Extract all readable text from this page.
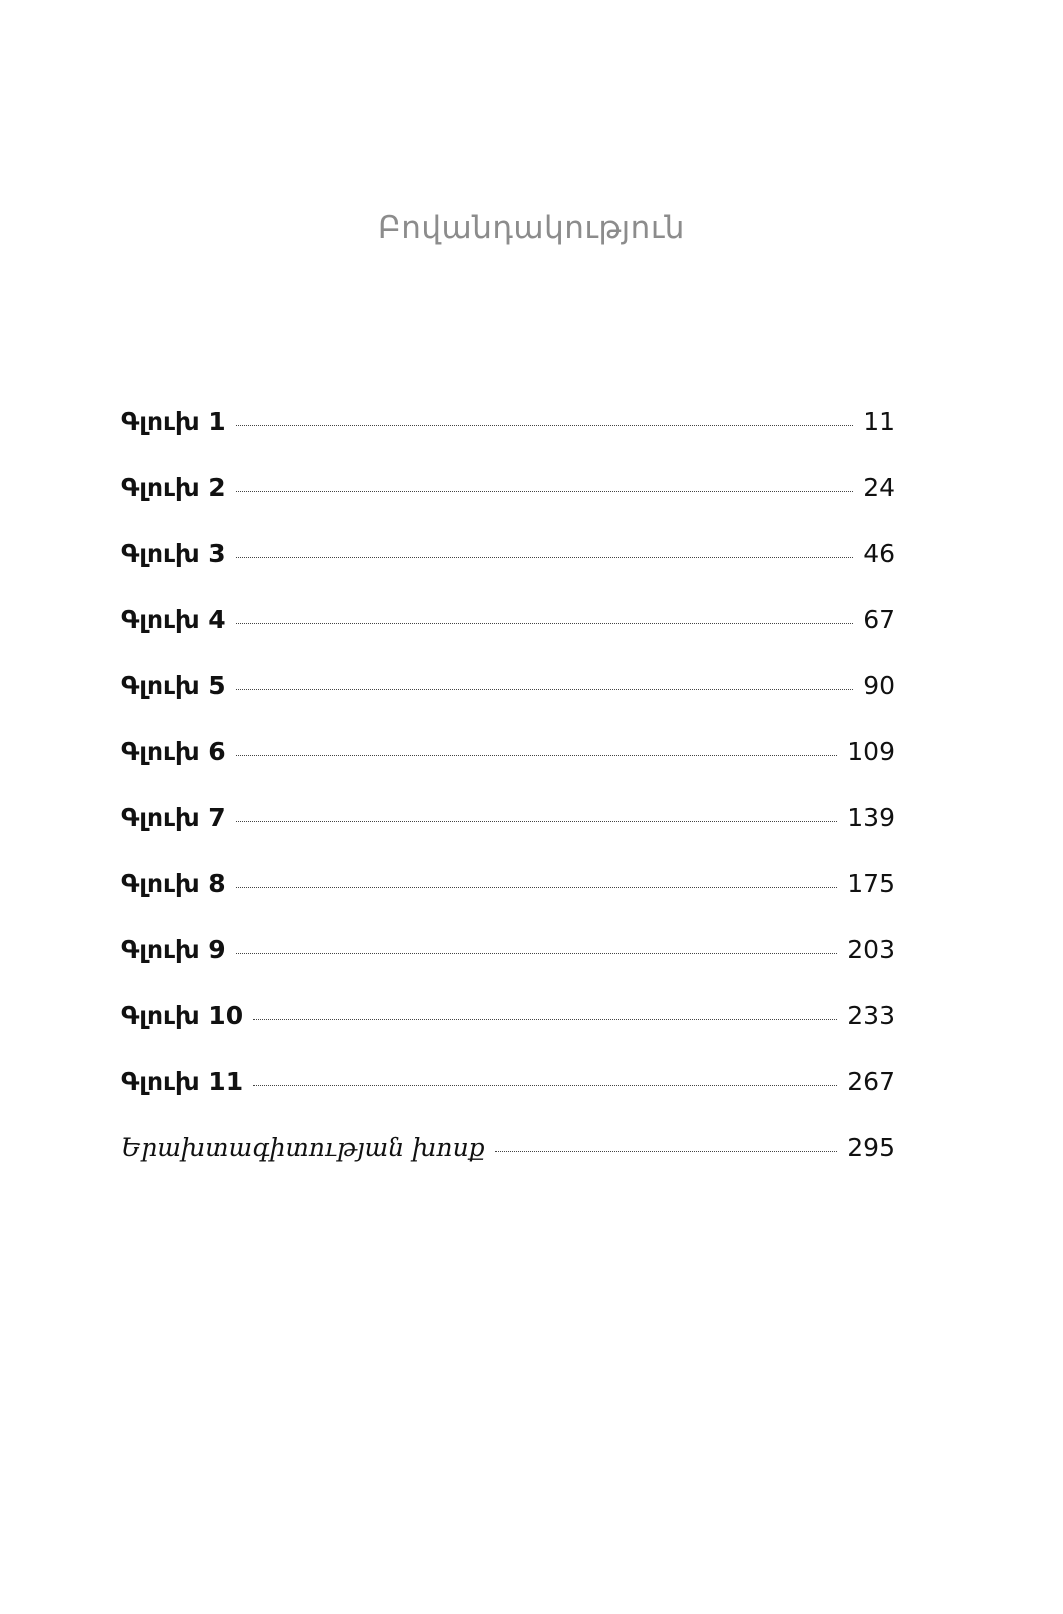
Բովանդակություն
Գլուխ 1	11
Գլուխ 2	24
Գլուխ 3	46
Գլուխ 4	67
Գլուխ 5	90
Գլուխ 6	109
Գլուխ 7	139
Գլուխ 8	175
Գլուխ 9	203
Գլուխ 10	233
Գլուխ 11	267
Երախտագիտության խոսք	295
